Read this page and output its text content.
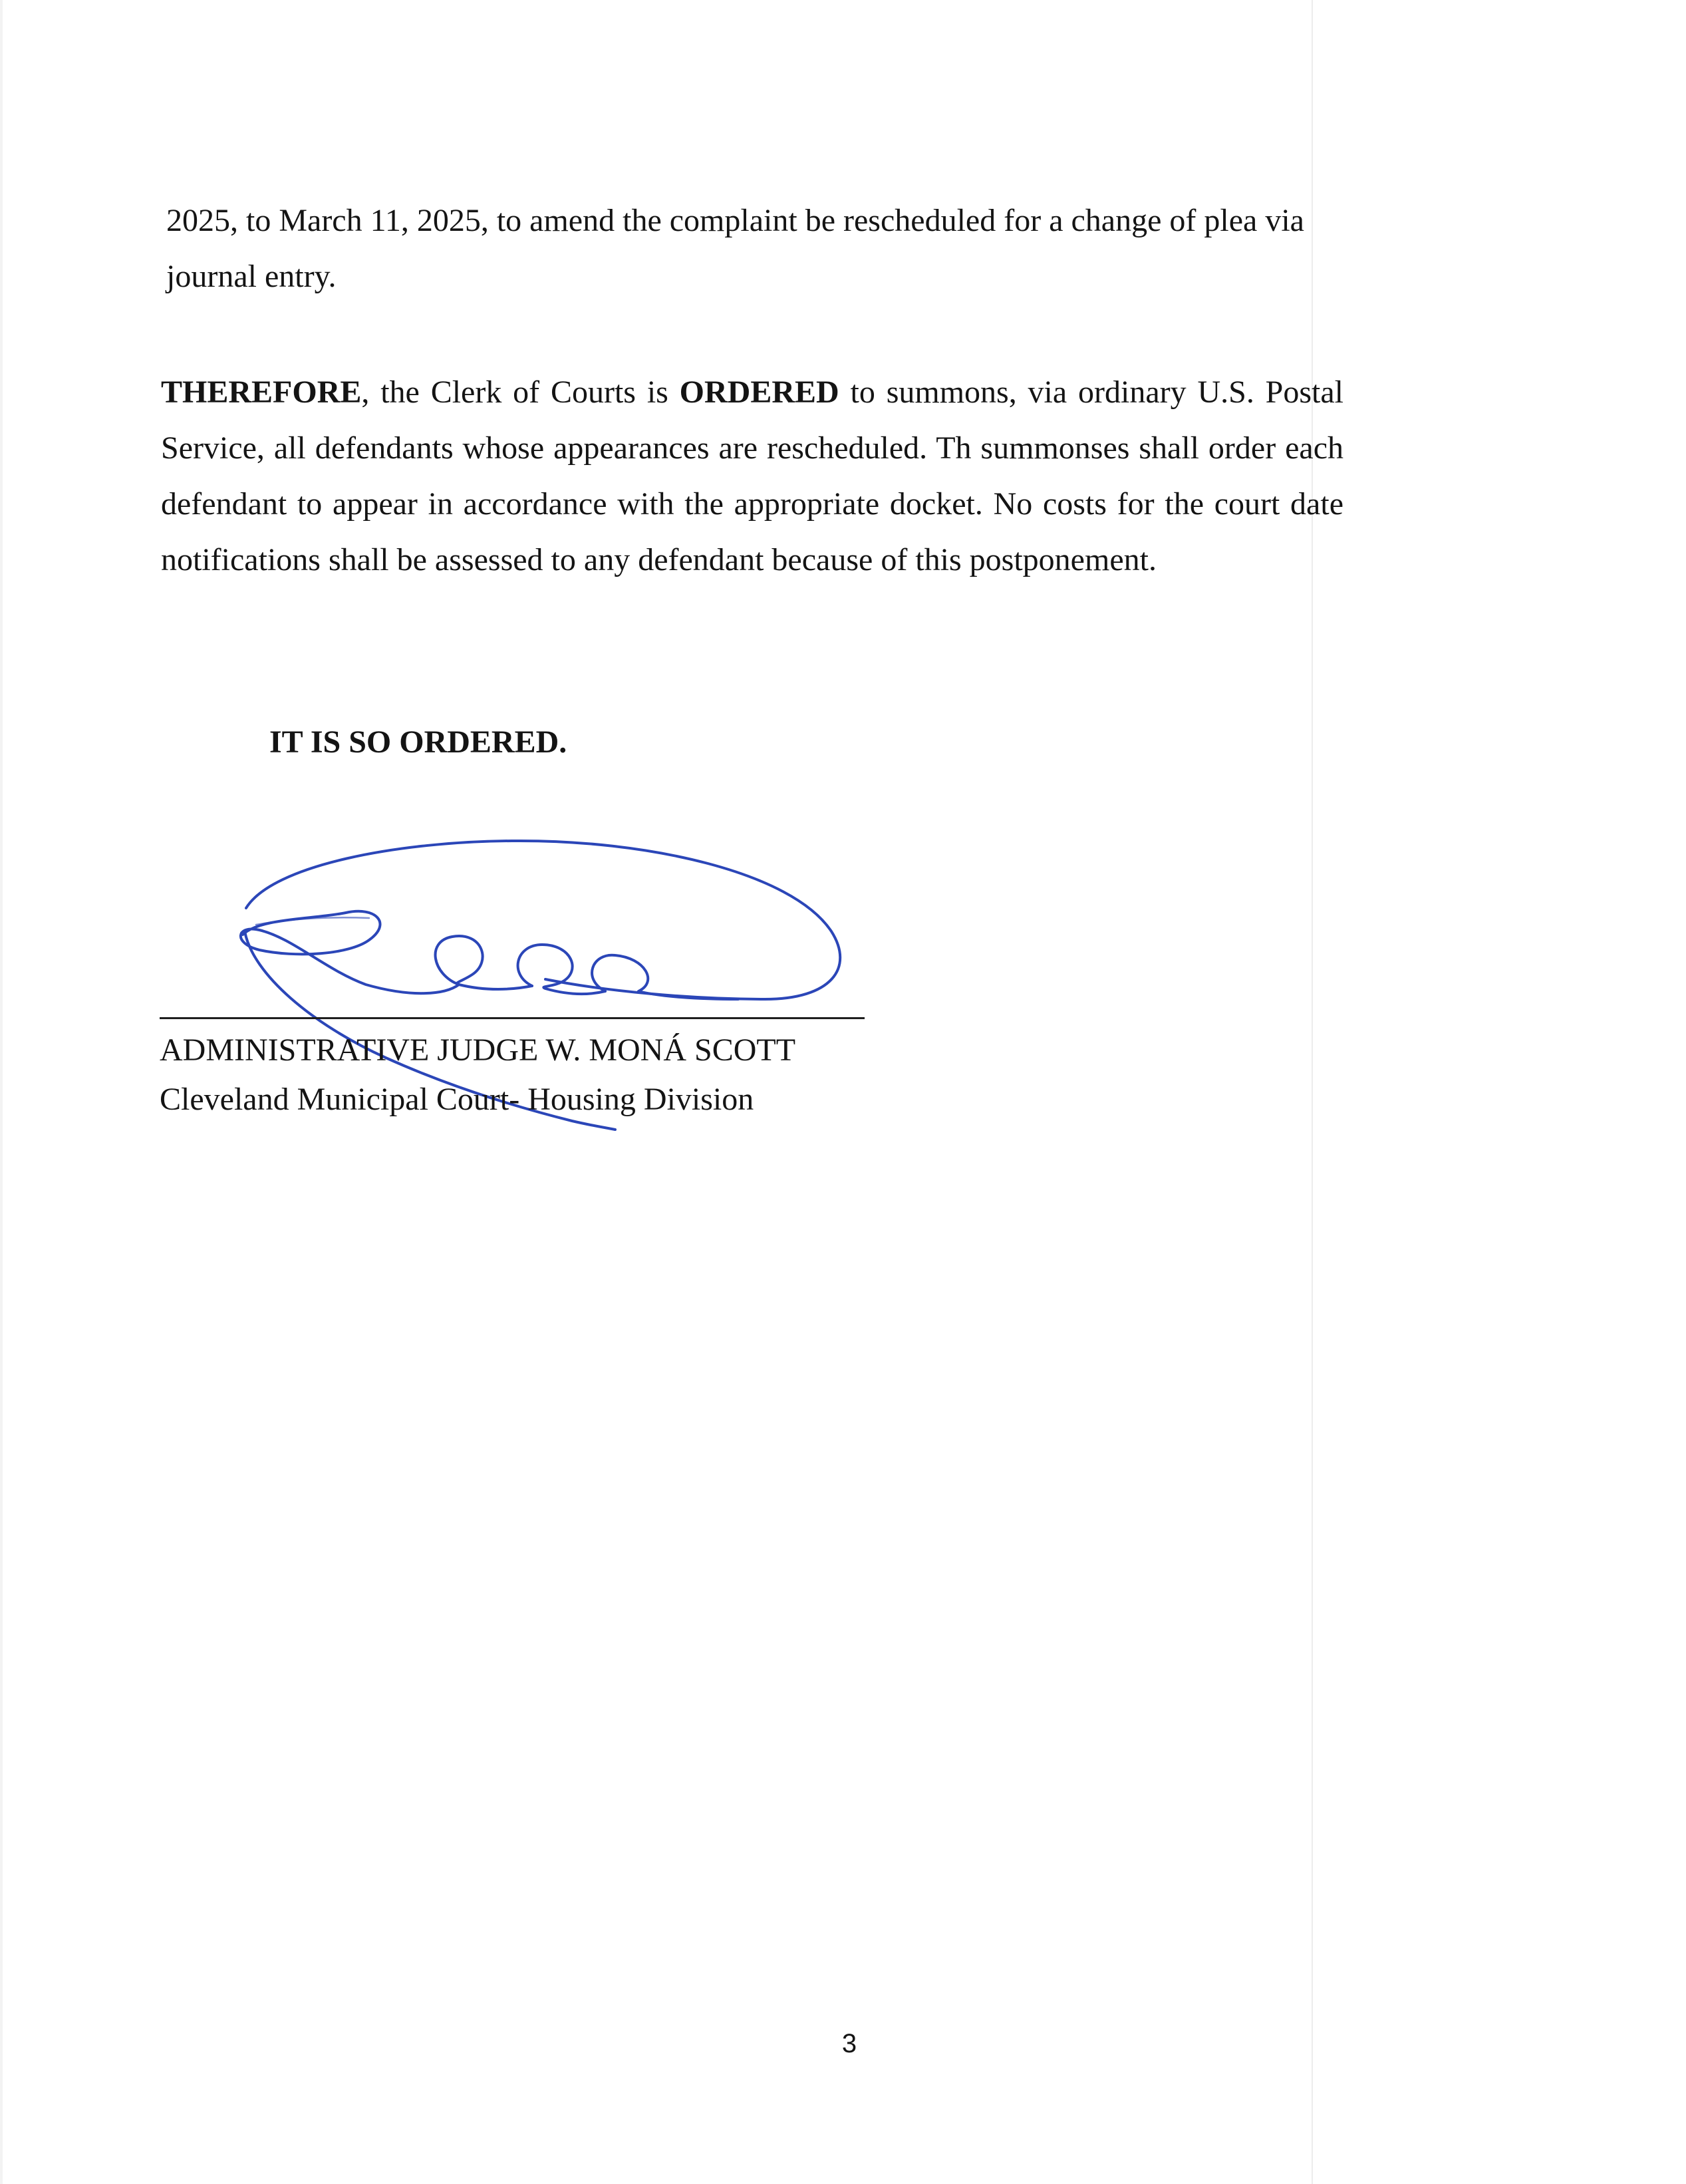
2025, to March 11, 2025, to amend the complaint be rescheduled for a change of plea via journal entry.

THEREFORE, the Clerk of Courts is ORDERED to summons, via ordinary U.S. Postal Service, all defendants whose appearances are rescheduled. Th summonses shall order each defendant to appear in accordance with the appropriate docket. No costs for the court date notifications shall be assessed to any defendant because of this postponement.

IT IS SO ORDERED.

ADMINISTRATIVE JUDGE W. MONÁ SCOTT

Cleveland Municipal Court- Housing Division

3
